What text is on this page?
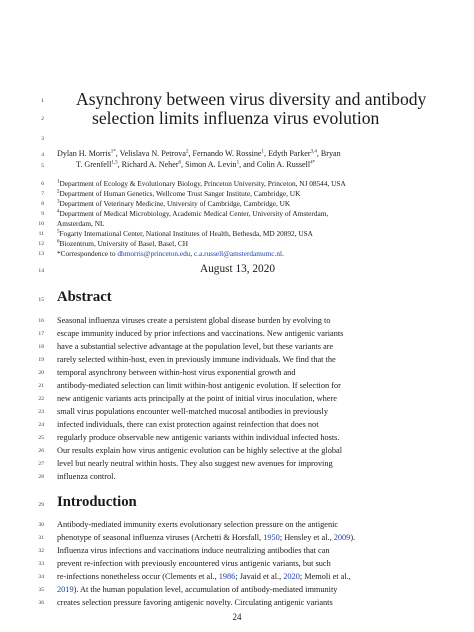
1
2
3
4
5
6
7
8
9
10
11
12
13
14
15
16
17
18
19
20
21
22
23
24
25
26
27
28
29
30
31
32
33
34
35
36
Asynchrony between virus diversity and antibody
selection limits influenza virus evolution
Dylan H. Morris$^{1*}$, Velislava N. Petrova$^2$, Fernando W. Rossine$^1$, Edyth Parker$^{3,4}$, Bryan
T. Grenfell$^{1,5}$, Richard A. Neher$^6$, Simon A. Levin$^1$, and Colin A. Russell$^{4*}$
$^1$Department of Ecology & Evolutionary Biology, Princeton University, Princeton, NJ 08544, USA
$^2$Department of Human Genetics, Wellcome Trust Sanger Institute, Cambridge, UK
$^3$Department of Veterinary Medicine, University of Cambridge, Cambridge, UK
$^4$Department of Medical Microbiology, Academic Medical Center, University of Amsterdam,
Amsterdam, NL
$^5$Fogarty International Center, National Institutes of Health, Bethesda, MD 20892, USA
$^6$Biozentrum, University of Basel, Basel, CH
*Correspondence to dhmorris@princeton.edu, c.a.russell@amsterdamumc.nl.
August 13, 2020
Abstract
Seasonal influenza viruses create a persistent global disease burden by evolving to
escape immunity induced by prior infections and vaccinations. New antigenic variants
have a substantial selective advantage at the population level, but these variants are
rarely selected within-host, even in previously immune individuals. We find that the
temporal asynchrony between within-host virus exponential growth and
antibody-mediated selection can limit within-host antigenic evolution. If selection for
new antigenic variants acts principally at the point of initial virus inoculation, where
small virus populations encounter well-matched mucosal antibodies in previously
infected individuals, there can exist protection against reinfection that does not
regularly produce observable new antigenic variants within individual infected hosts.
Our results explain how virus antigenic evolution can be highly selective at the global
level but nearly neutral within hosts. They also suggest new avenues for improving
influenza control.
Introduction
Antibody-mediated immunity exerts evolutionary selection pressure on the antigenic
phenotype of seasonal influenza viruses (Archetti & Horsfall, 1950; Hensley et al., 2009).
Influenza virus infections and vaccinations induce neutralizing antibodies that can
prevent re-infection with previously encountered virus antigenic variants, but such
re-infections nonetheless occur (Clements et al., 1986; Javaid et al., 2020; Memoli et al.,
2019). At the human population level, accumulation of antibody-mediated immunity
creates selection pressure favoring antigenic novelty. Circulating antigenic variants
24
